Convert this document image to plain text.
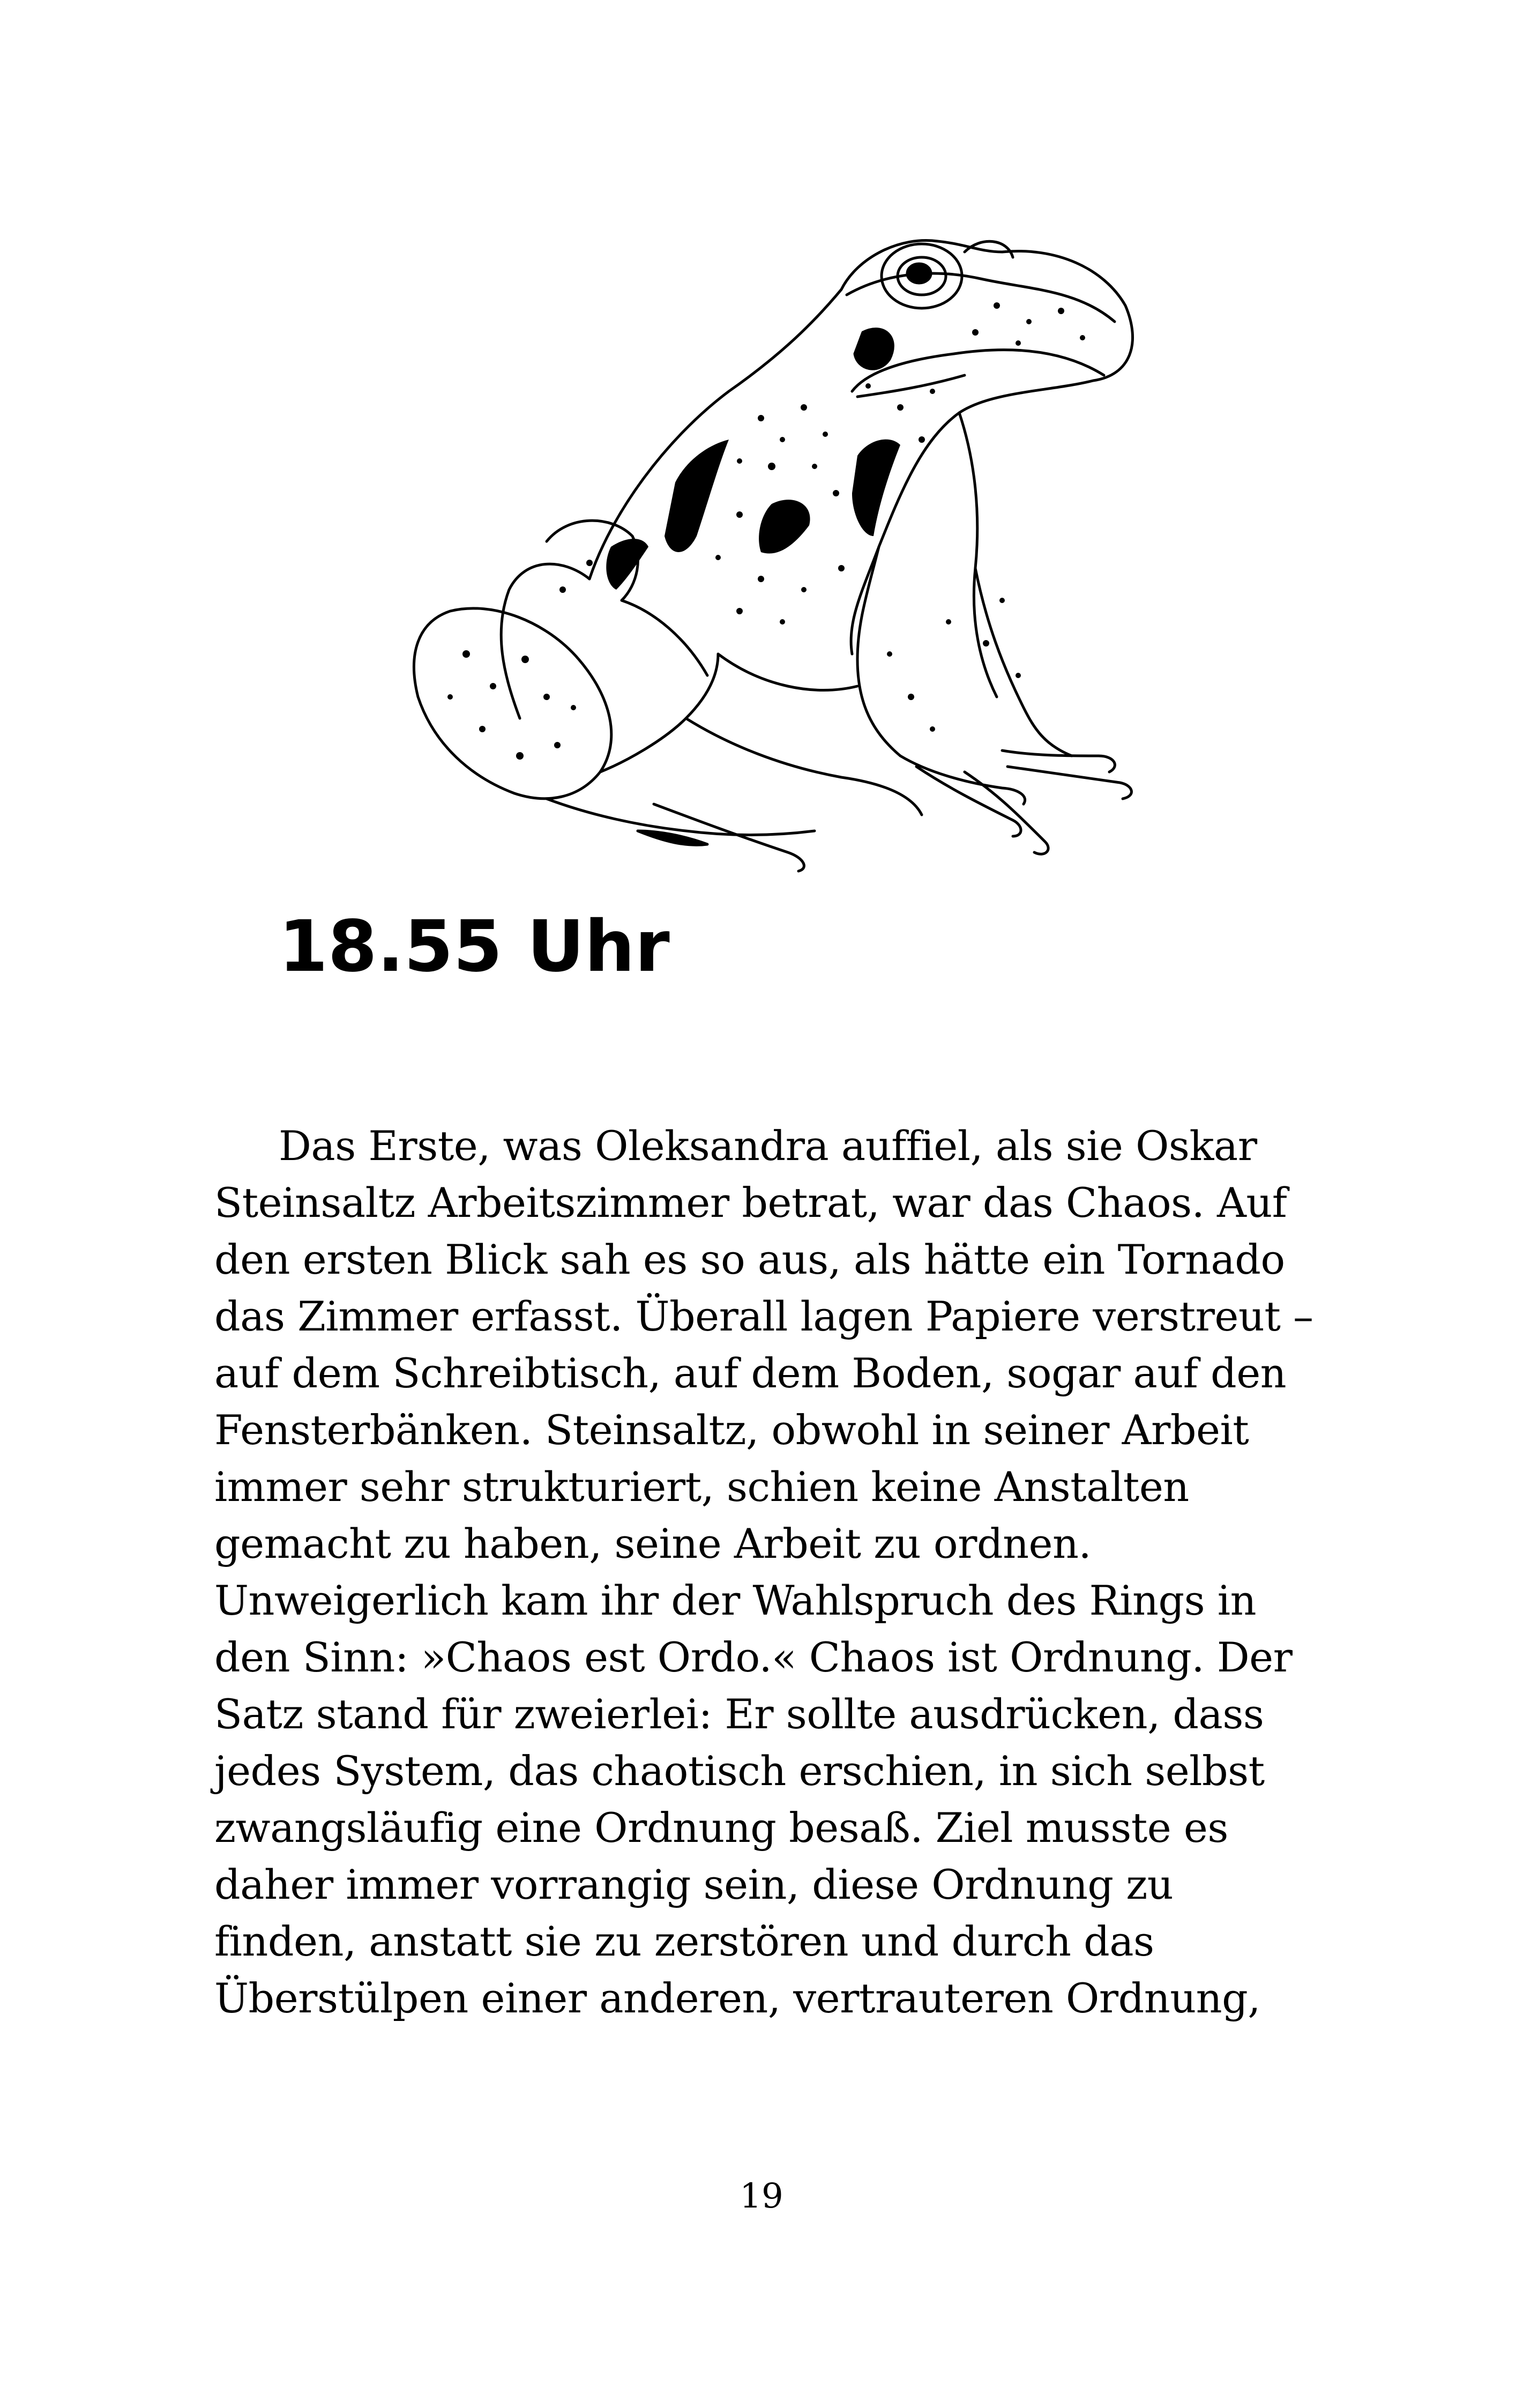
18.55 Uhr
Das Erste, was Oleksandra auffiel, als sie Oskar
Steinsaltz Arbeitszimmer betrat, war das Chaos. Auf
den ersten Blick sah es so aus, als hätte ein Tornado
das Zimmer erfasst. Überall lagen Papiere verstreut –
auf dem Schreibtisch, auf dem Boden, sogar auf den
Fensterbänken. Steinsaltz, obwohl in seiner Arbeit
immer sehr strukturiert, schien keine Anstalten
gemacht zu haben, seine Arbeit zu ordnen.
Unweigerlich kam ihr der Wahlspruch des Rings in
den Sinn: »Chaos est Ordo.« Chaos ist Ordnung. Der
Satz stand für zweierlei: Er sollte ausdrücken, dass
jedes System, das chaotisch erschien, in sich selbst
zwangsläufig eine Ordnung besaß. Ziel musste es
daher immer vorrangig sein, diese Ordnung zu
finden, anstatt sie zu zerstören und durch das
Überstülpen einer anderen, vertrauteren Ordnung,
19
